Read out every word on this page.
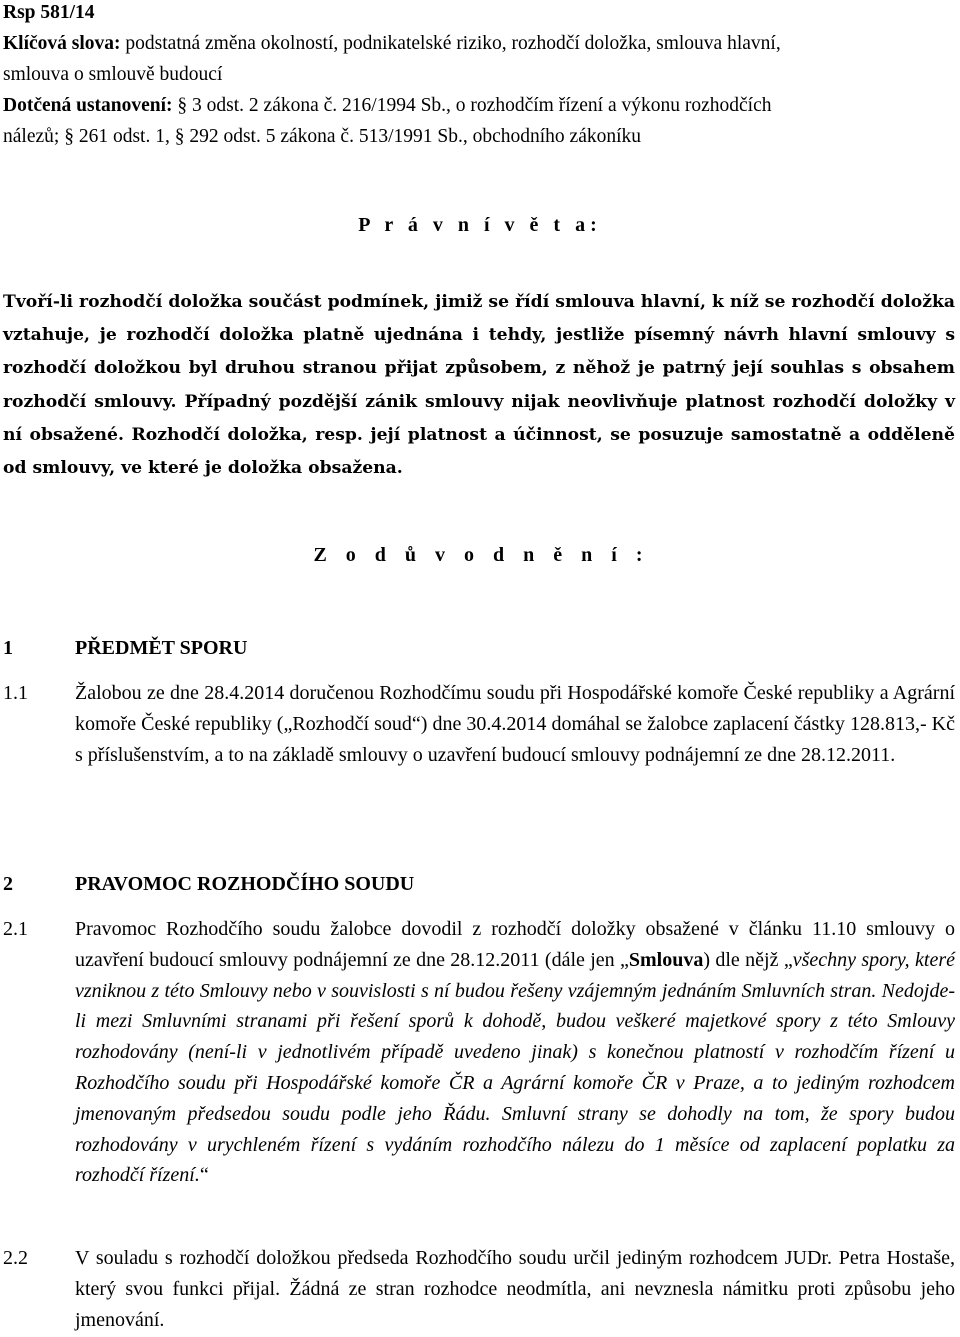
Rsp 581/14
Klíčová slova: podstatná změna okolností, podnikatelské riziko, rozhodčí doložka, smlouva hlavní,
smlouva o smlouvě budoucí
Dotčená ustanovení: § 3 odst. 2 zákona č. 216/1994 Sb., o rozhodčím řízení a výkonu rozhodčích
nálezů; § 261 odst. 1, § 292 odst. 5 zákona č. 513/1991 Sb., obchodního zákoníku
P r á v n í v ě t a:
Tvoří-li rozhodčí doložka součást podmínek, jimiž se řídí smlouva hlavní, k níž se rozhodčí doložka vztahuje, je rozhodčí doložka platně ujednána i tehdy, jestliže písemný návrh hlavní smlouvy s rozhodčí doložkou byl druhou stranou přijat způsobem, z něhož je patrný její souhlas s obsahem rozhodčí smlouvy. Případný pozdější zánik smlouvy nijak neovlivňuje platnost rozhodčí doložky v ní obsažené. Rozhodčí doložka, resp. její platnost a účinnost, se posuzuje samostatně a odděleně od smlouvy, ve které je doložka obsažena.
Z o d ů v o d n ě n í :
1	PŘEDMĚT SPORU
1.1 Žalobou ze dne 28.4.2014 doručenou Rozhodčímu soudu při Hospodářské komoře České republiky a Agrární komoře České republiky („Rozhodčí soud“) dne 30.4.2014 domáhal se žalobce zaplacení částky 128.813,- Kč s příslušenstvím, a to na základě smlouvy o uzavření budoucí smlouvy podnájemní ze dne 28.12.2011.
2	PRAVOMOC ROZHODČÍHO SOUDU
2.1 Pravomoc Rozhodčího soudu žalobce dovodil z rozhodčí doložky obsažené v článku 11.10 smlouvy o uzavření budoucí smlouvy podnájemní ze dne 28.12.2011 (dále jen „Smlouva) dle nějž „všechny spory, které vzniknou z této Smlouvy nebo v souvislosti s ní budou řešeny vzájemným jednáním Smluvních stran. Nedojde-li mezi Smluvními stranami při řešení sporů k dohodě, budou veškeré majetkové spory z této Smlouvy rozhodovány (není-li v jednotlivém případě uvedeno jinak) s konečnou platností v rozhodčím řízení u Rozhodčího soudu při Hospodářské komoře ČR a Agrární komoře ČR v Praze, a to jediným rozhodcem jmenovaným předsedou soudu podle jeho Řádu. Smluvní strany se dohodly na tom, že spory budou rozhodovány v urychleném řízení s vydáním rozhodčího nálezu do 1 měsíce od zaplacení poplatku za rozhodčí řízení.“
2.2 V souladu s rozhodčí doložkou předseda Rozhodčího soudu určil jediným rozhodcem JUDr. Petra Hostaše, který svou funkci přijal. Žádná ze stran rozhodce neodmítla, ani nevznesla námitku proti způsobu jeho jmenování.
